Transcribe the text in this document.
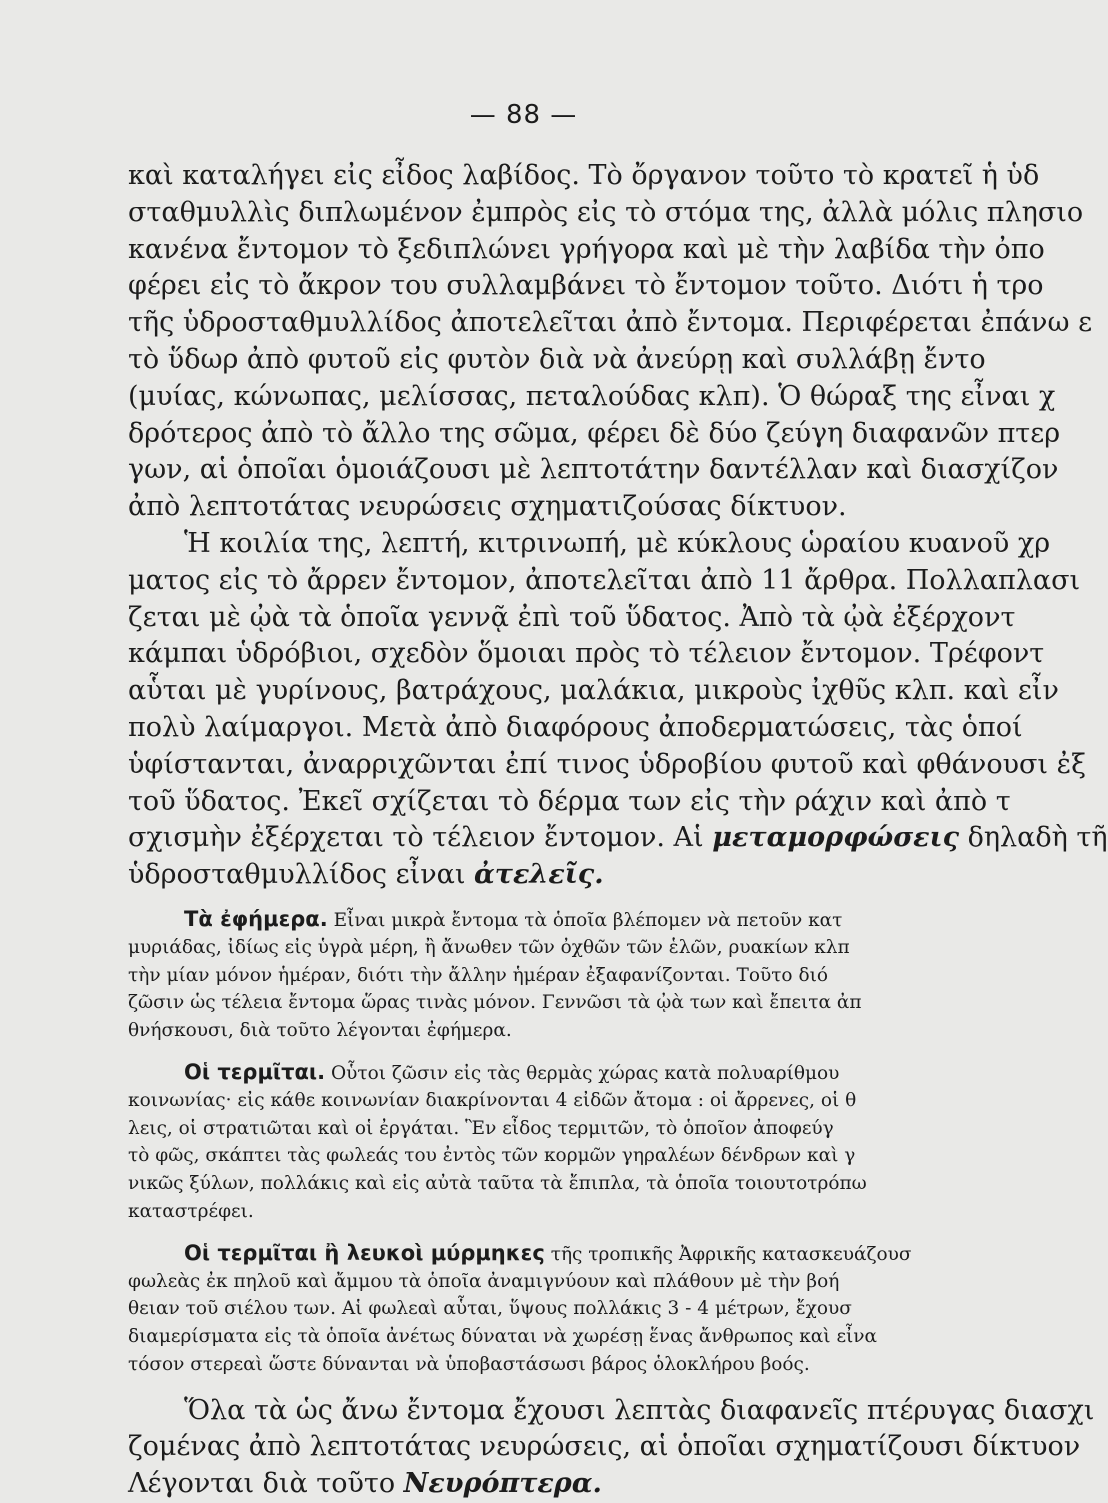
— 88 —
καὶ καταλήγει εἰς εἶδος λαβίδος. Τὸ ὄργανον τοῦτο τὸ κρατεῖ ἡ ὑδ
σταθμυλλὶς διπλωμένον ἐμπρὸς εἰς τὸ στόμα της, ἀλλὰ μόλις πλησιο
κανένα ἔντομον τὸ ξεδιπλώνει γρήγορα καὶ μὲ τὴν λαβίδα τὴν ὀπο
φέρει εἰς τὸ ἄκρον του συλλαμβάνει τὸ ἔντομον τοῦτο. Διότι ἡ τρο
τῆς ὑδροσταθμυλλίδος ἀποτελεῖται ἀπὸ ἔντομα. Περιφέρεται ἐπάνω ε
τὸ ὕδωρ ἀπὸ φυτοῦ εἰς φυτὸν διὰ νὰ ἀνεύρῃ καὶ συλλάβῃ ἔντο
(μυίας, κώνωπας, μελίσσας, πεταλούδας κλπ). Ὁ θώραξ της εἶναι χ
δρότερος ἀπὸ τὸ ἄλλο της σῶμα, φέρει δὲ δύο ζεύγη διαφανῶν πτερ
γων, αἱ ὁποῖαι ὁμοιάζουσι μὲ λεπτοτάτην δαντέλλαν καὶ διασχίζον
ἀπὸ λεπτοτάτας νευρώσεις σχηματιζούσας δίκτυον.
Ἡ κοιλία της, λεπτή, κιτρινωπή, μὲ κύκλους ὡραίου κυανοῦ χρ
ματος εἰς τὸ ἄρρεν ἔντομον, ἀποτελεῖται ἀπὸ 11 ἄρθρα. Πολλαπλασι
ζεται μὲ ᾠὰ τὰ ὁποῖα γεννᾷ ἐπὶ τοῦ ὕδατος. Ἀπὸ τὰ ᾠὰ ἐξέρχοντ
κάμπαι ὑδρόβιοι, σχεδὸν ὅμοιαι πρὸς τὸ τέλειον ἔντομον. Τρέφοντ
αὗται μὲ γυρίνους, βατράχους, μαλάκια, μικροὺς ἰχθῦς κλπ. καὶ εἶν
πολὺ λαίμαργοι. Μετὰ ἀπὸ διαφόρους ἀποδερματώσεις, τὰς ὁποί
ὑφίστανται, ἀναρριχῶνται ἐπί τινος ὑδροβίου φυτοῦ καὶ φθάνουσι ἐξ
τοῦ ὕδατος. Ἐκεῖ σχίζεται τὸ δέρμα των εἰς τὴν ράχιν καὶ ἀπὸ τ
σχισμὴν ἐξέρχεται τὸ τέλειον ἔντομον. Αἱ μεταμορφώσεις δηλαδὴ τῆ
ὑδροσταθμυλλίδος εἶναι ἀτελεῖς.
Τὰ ἐφήμερα. Εἶναι μικρὰ ἔντομα τὰ ὁποῖα βλέπομεν νὰ πετοῦν κατ
μυριάδας, ἰδίως εἰς ὑγρὰ μέρη, ἢ ἄνωθεν τῶν ὀχθῶν τῶν ἑλῶν, ρυακίων κλπ
τὴν μίαν μόνον ἡμέραν, διότι τὴν ἄλλην ἡμέραν ἐξαφανίζονται. Τοῦτο διό
ζῶσιν ὡς τέλεια ἔντομα ὥρας τινὰς μόνον. Γεννῶσι τὰ ᾠὰ των καὶ ἔπειτα ἀπ
θνήσκουσι, διὰ τοῦτο λέγονται ἐφήμερα.
Οἱ τερμῖται. Οὗτοι ζῶσιν εἰς τὰς θερμὰς χώρας κατὰ πολυαρίθμου
κοινωνίας· εἰς κάθε κοινωνίαν διακρίνονται 4 εἰδῶν ἄτομα : οἱ ἄρρενες, οἱ θ
λεις, οἱ στρατιῶται καὶ οἱ ἐργάται. Ἓν εἶδος τερμιτῶν, τὸ ὁποῖον ἀποφεύγ
τὸ φῶς, σκάπτει τὰς φωλεάς του ἐντὸς τῶν κορμῶν γηραλέων δένδρων καὶ γ
νικῶς ξύλων, πολλάκις καὶ εἰς αὐτὰ ταῦτα τὰ ἔπιπλα, τὰ ὁποῖα τοιουτοτρόπω
καταστρέφει.
Οἱ τερμῖται ἢ λευκοὶ μύρμηκες τῆς τροπικῆς Ἀφρικῆς κατασκευάζουσ
φωλεὰς ἐκ πηλοῦ καὶ ἄμμου τὰ ὁποῖα ἀναμιγνύουν καὶ πλάθουν μὲ τὴν βοή
θειαν τοῦ σιέλου των. Αἱ φωλεαὶ αὗται, ὕψους πολλάκις 3 - 4 μέτρων, ἔχουσ
διαμερίσματα εἰς τὰ ὁποῖα ἀνέτως δύναται νὰ χωρέσῃ ἕνας ἄνθρωπος καὶ εἶνα
τόσον στερεαὶ ὥστε δύνανται νὰ ὑποβαστάσωσι βάρος ὁλοκλήρου βοός.
Ὅλα τὰ ὡς ἄνω ἔντομα ἔχουσι λεπτὰς διαφανεῖς πτέρυγας διασχι
ζομένας ἀπὸ λεπτοτάτας νευρώσεις, αἱ ὁποῖαι σχηματίζουσι δίκτυον
Λέγονται διὰ τοῦτο Νευρόπτερα.
